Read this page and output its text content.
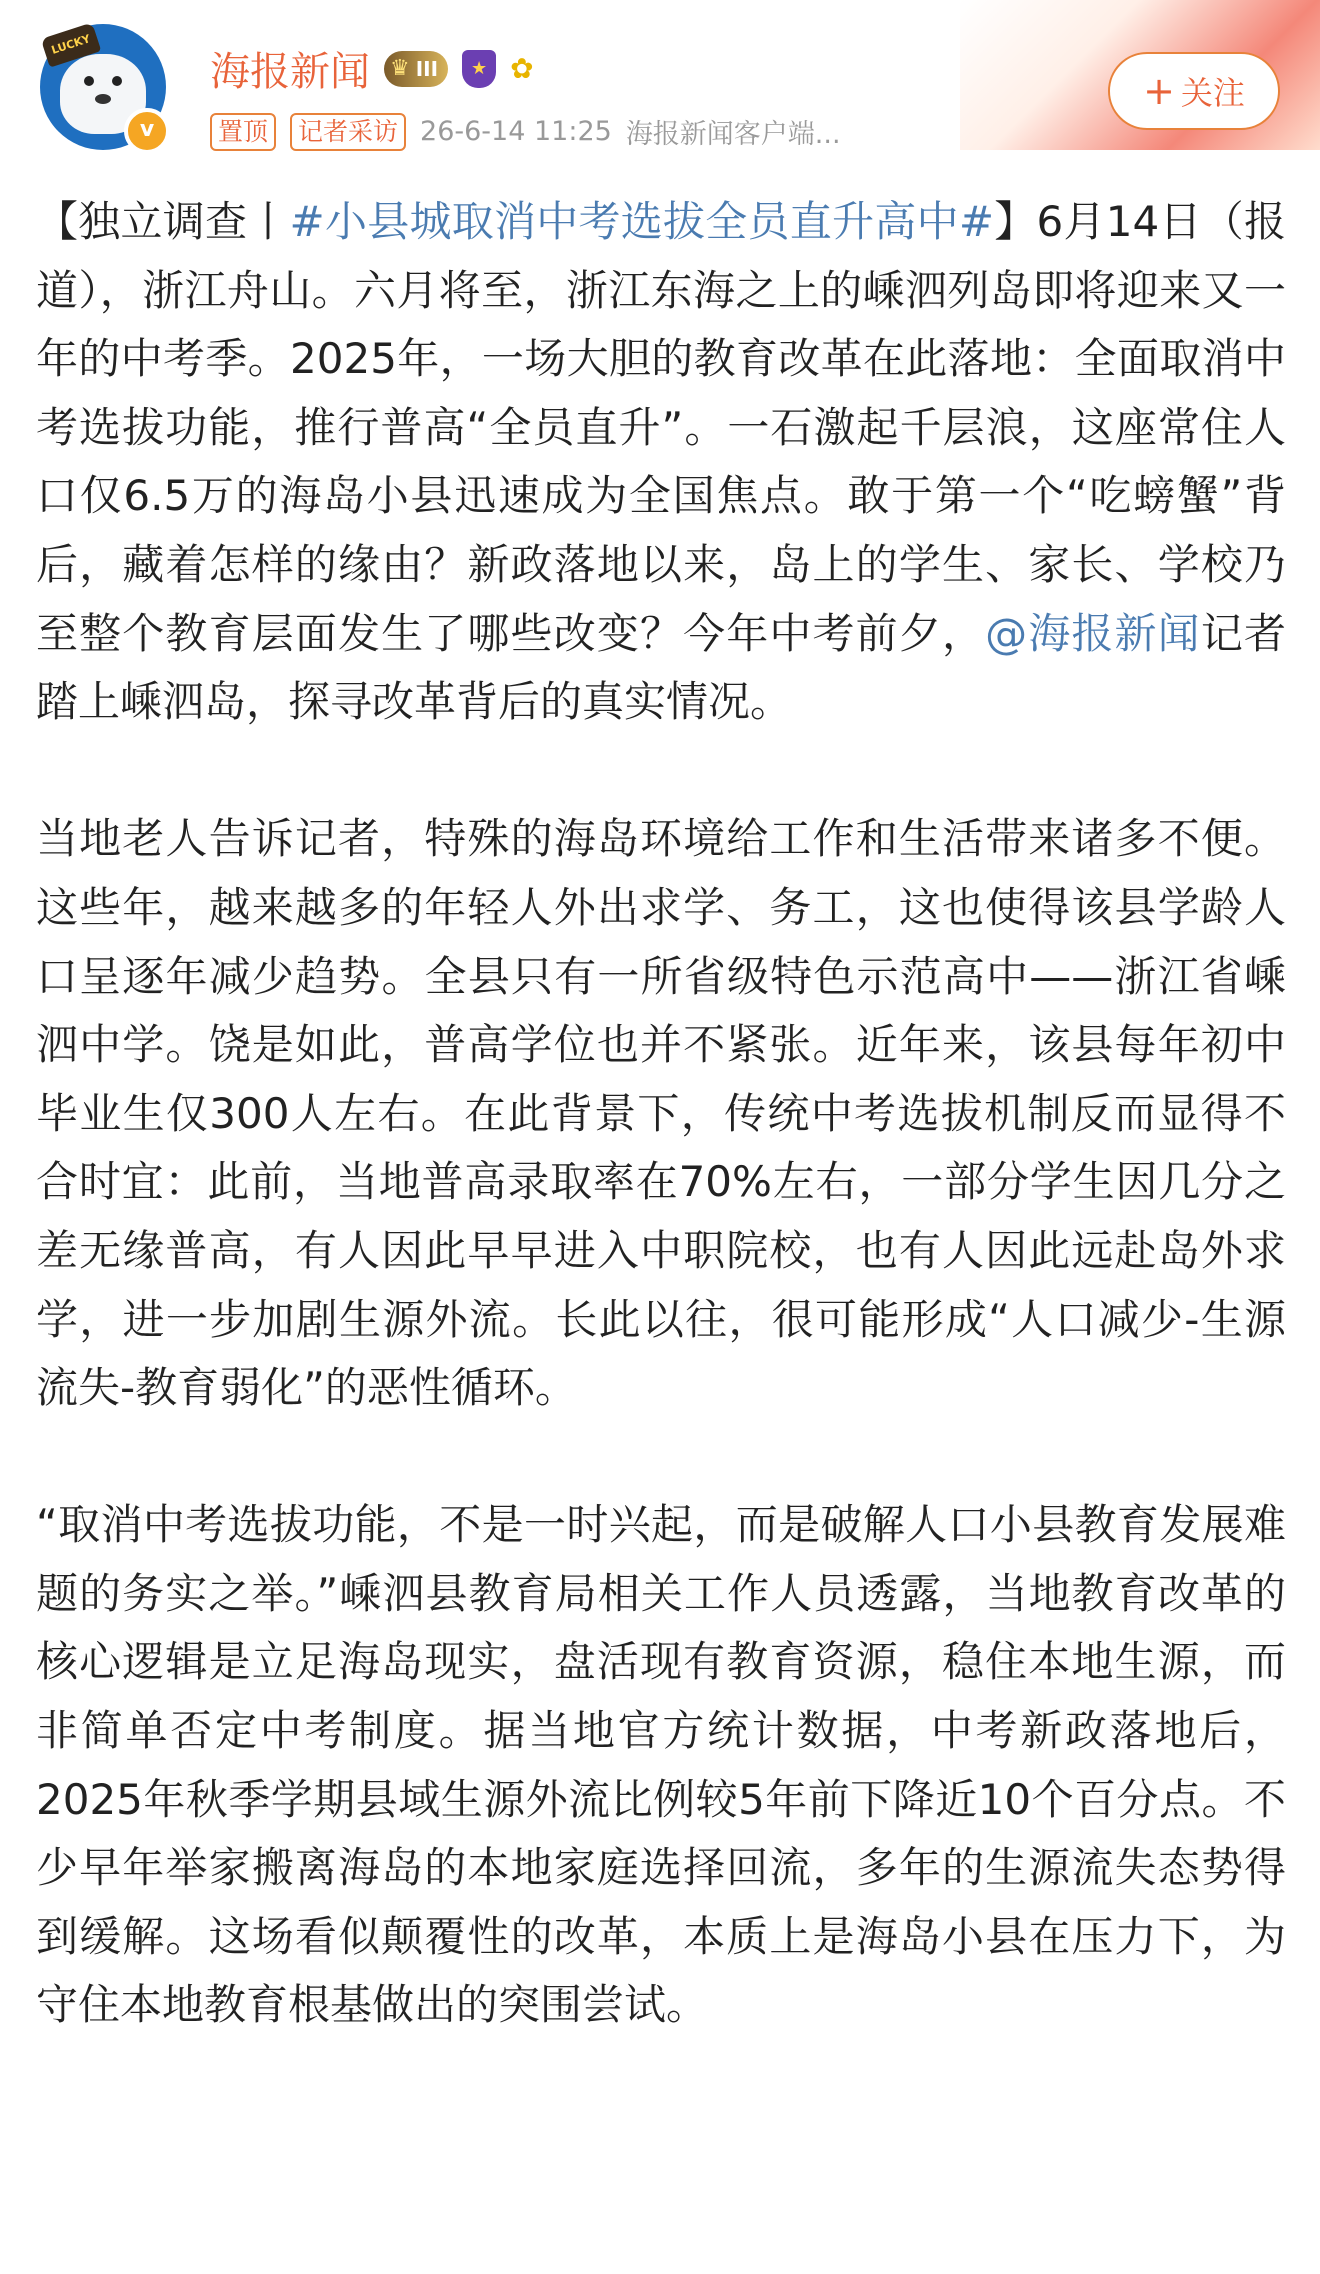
LUCKY
v
海报新闻 ♛ III	★ ✿
置顶	记者采访 26-6-14 11:25 海报新闻客户端...
+ 关注

【独立调查丨#小县城取消中考选拔全员直升高中#】6月14日（报道），浙江舟山。六月将至，浙江东海之上的嵊泗列岛即将迎来又一年的中考季。2025年，一场大胆的教育改革在此落地：全面取消中考选拔功能，推行普高“全员直升”。一石激起千层浪，这座常住人口仅6.5万的海岛小县迅速成为全国焦点。敢于第一个“吃螃蟹”背后，藏着怎样的缘由？新政落地以来，岛上的学生、家长、学校乃至整个教育层面发生了哪些改变？今年中考前夕，@海报新闻记者踏上嵊泗岛，探寻改革背后的真实情况。

当地老人告诉记者，特殊的海岛环境给工作和生活带来诸多不便。这些年，越来越多的年轻人外出求学、务工，这也使得该县学龄人口呈逐年减少趋势。全县只有一所省级特色示范高中——浙江省嵊泗中学。饶是如此，普高学位也并不紧张。近年来，该县每年初中毕业生仅300人左右。在此背景下，传统中考选拔机制反而显得不合时宜：此前，当地普高录取率在70%左右，一部分学生因几分之差无缘普高，有人因此早早进入中职院校，也有人因此远赴岛外求学，进一步加剧生源外流。长此以往，很可能形成“人口减少-生源流失-教育弱化”的恶性循环。

“取消中考选拔功能，不是一时兴起，而是破解人口小县教育发展难题的务实之举。”嵊泗县教育局相关工作人员透露，当地教育改革的核心逻辑是立足海岛现实，盘活现有教育资源，稳住本地生源，而非简单否定中考制度。据当地官方统计数据，中考新政落地后，2025年秋季学期县域生源外流比例较5年前下降近10个百分点。不少早年举家搬离海岛的本地家庭选择回流，多年的生源流失态势得到缓解。这场看似颠覆性的改革，本质上是海岛小县在压力下，为守住本地教育根基做出的突围尝试。
